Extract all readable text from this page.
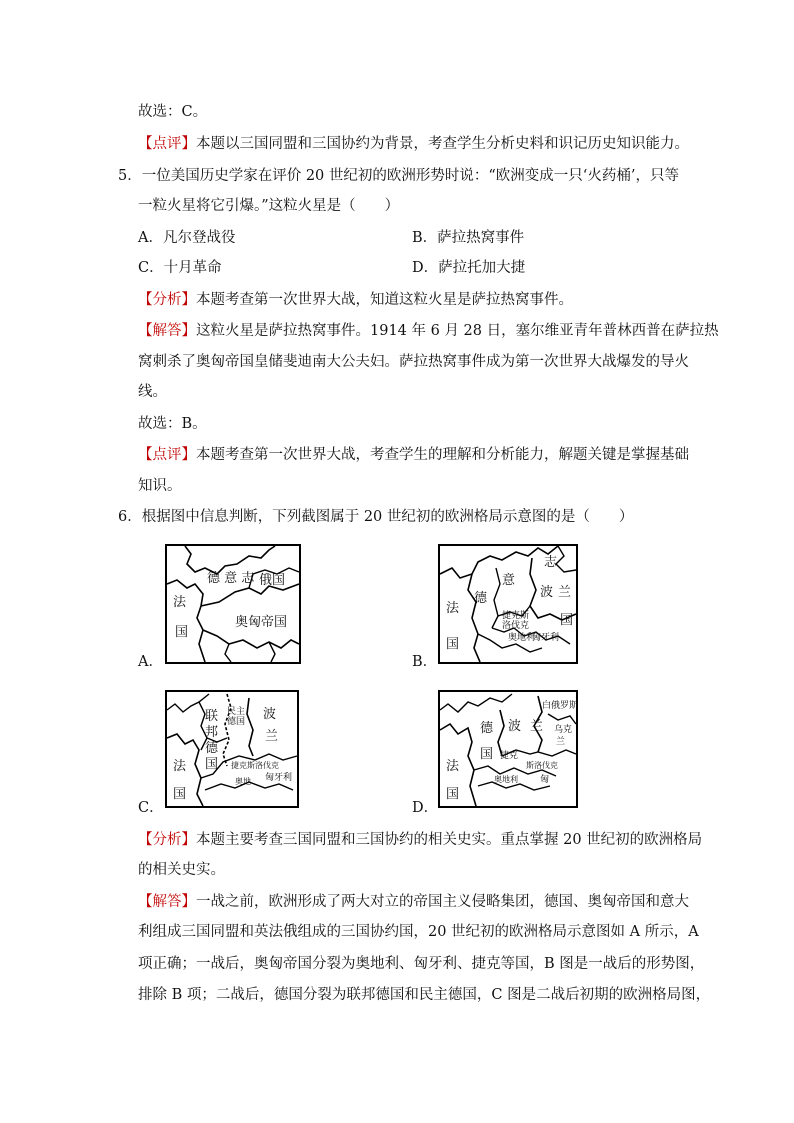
故选：C。
【点评】本题以三国同盟和三国协约为背景，考查学生分析史料和识记历史知识能力。
5．一位美国历史学家在评价 20 世纪初的欧洲形势时说：“欧洲变成一只‘火药桶’，只等
一粒火星将它引爆。”这粒火星是（　　）
A．凡尔登战役	B．萨拉热窝事件
C．十月革命	D．萨拉托加大捷
【分析】本题考查第一次世界大战，知道这粒火星是萨拉热窝事件。
【解答】这粒火星是萨拉热窝事件。1914 年 6 月 28 日，塞尔维亚青年普林西普在萨拉热
窝刺杀了奥匈帝国皇储斐迪南大公夫妇。萨拉热窝事件成为第一次世界大战爆发的导火
线。
故选：B。
【点评】本题考查第一次世界大战，考查学生的理解和分析能力，解题关键是掌握基础
知识。
6．根据图中信息判断，下列截图属于 20 世纪初的欧洲格局示意图的是（　　）
A．	B．
C．	D．
德 意 志 俄国
法
国
奥匈帝国
志
意
波 兰
德
法
国
捷克斯
洛伐克
奥地利
匈牙利
国
民主
德国
联
邦
德
国
波
兰
法
国
捷克斯洛伐克
奥地 匈牙利
白俄罗斯
德
国
波 兰 乌克
兰
法
国
捷克
斯洛伐克
奥地利 匈
【分析】本题主要考查三国同盟和三国协约的相关史实。重点掌握 20 世纪初的欧洲格局
的相关史实。
【解答】一战之前，欧洲形成了两大对立的帝国主义侵略集团，德国、奥匈帝国和意大
利组成三国同盟和英法俄组成的三国协约国，20 世纪初的欧洲格局示意图如 A 所示，A
项正确；一战后，奥匈帝国分裂为奥地利、匈牙利、捷克等国，B 图是一战后的形势图，
排除 B 项；二战后，德国分裂为联邦德国和民主德国，C 图是二战后初期的欧洲格局图，
